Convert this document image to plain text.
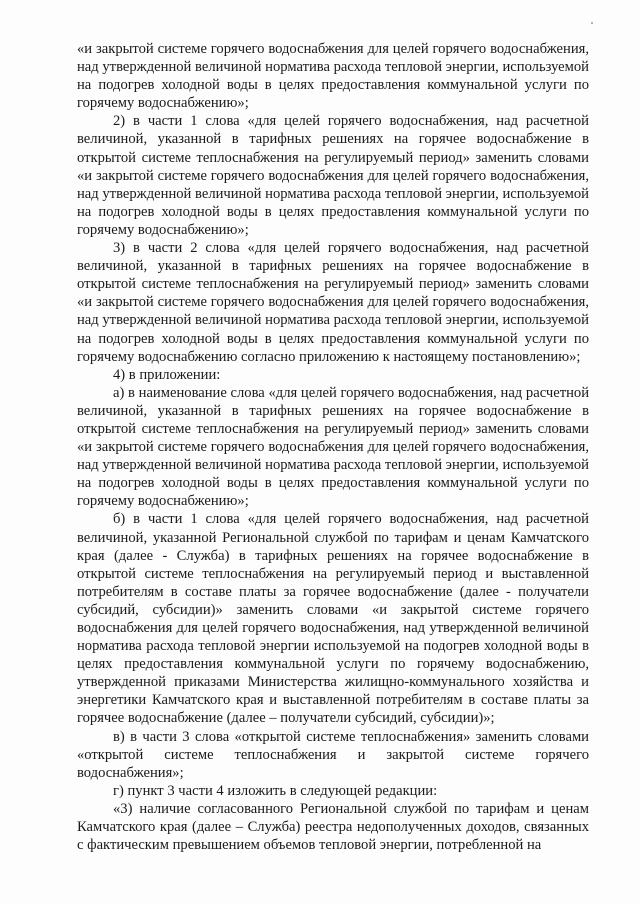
«и закрытой системе горячего водоснабжения для целей горячего водоснабжения, над утвержденной величиной норматива расхода тепловой энергии, используемой на подогрев холодной воды в целях предоставления коммунальной услуги по горячему водоснабжению»;

2) в части 1 слова «для целей горячего водоснабжения, над расчетной величиной, указанной в тарифных решениях на горячее водоснабжение в открытой системе теплоснабжения на регулируемый период» заменить словами «и закрытой системе горячего водоснабжения для целей горячего водоснабжения, над утвержденной величиной норматива расхода тепловой энергии, используемой на подогрев холодной воды в целях предоставления коммунальной услуги по горячему водоснабжению»;

3) в части 2 слова «для целей горячего водоснабжения, над расчетной величиной, указанной в тарифных решениях на горячее водоснабжение в открытой системе теплоснабжения на регулируемый период» заменить словами «и закрытой системе горячего водоснабжения для целей горячего водоснабжения, над утвержденной величиной норматива расхода тепловой энергии, используемой на подогрев холодной воды в целях предоставления коммунальной услуги по горячему водоснабжению согласно приложению к настоящему постановлению»;

4) в приложении:

а) в наименование слова «для целей горячего водоснабжения, над расчетной величиной, указанной в тарифных решениях на горячее водоснабжение в открытой системе теплоснабжения на регулируемый период» заменить словами «и закрытой системе горячего водоснабжения для целей горячего водоснабжения, над утвержденной величиной норматива расхода тепловой энергии, используемой на подогрев холодной воды в целях предоставления коммунальной услуги по горячему водоснабжению»;

б) в части 1 слова «для целей горячего водоснабжения, над расчетной величиной, указанной Региональной службой по тарифам и ценам Камчатского края (далее - Служба) в тарифных решениях на горячее водоснабжение в открытой системе теплоснабжения на регулируемый период и выставленной потребителям в составе платы за горячее водоснабжение (далее - получатели субсидий, субсидии)» заменить словами «и закрытой системе горячего водоснабжения для целей горячего водоснабжения, над утвержденной величиной норматива расхода тепловой энергии используемой на подогрев холодной воды в целях предоставления коммунальной услуги по горячему водоснабжению, утвержденной приказами Министерства жилищно-коммунального хозяйства и энергетики Камчатского края и выставленной потребителям в составе платы за горячее водоснабжение (далее – получатели субсидий, субсидии)»;

в) в части 3 слова «открытой системе теплоснабжения» заменить словами «открытой системе теплоснабжения и закрытой системе горячего водоснабжения»;

г) пункт 3 части 4 изложить в следующей редакции:

«3) наличие согласованного Региональной службой по тарифам и ценам Камчатского края (далее – Служба) реестра недополученных доходов, связанных с фактическим превышением объемов тепловой энергии, потребленной на
